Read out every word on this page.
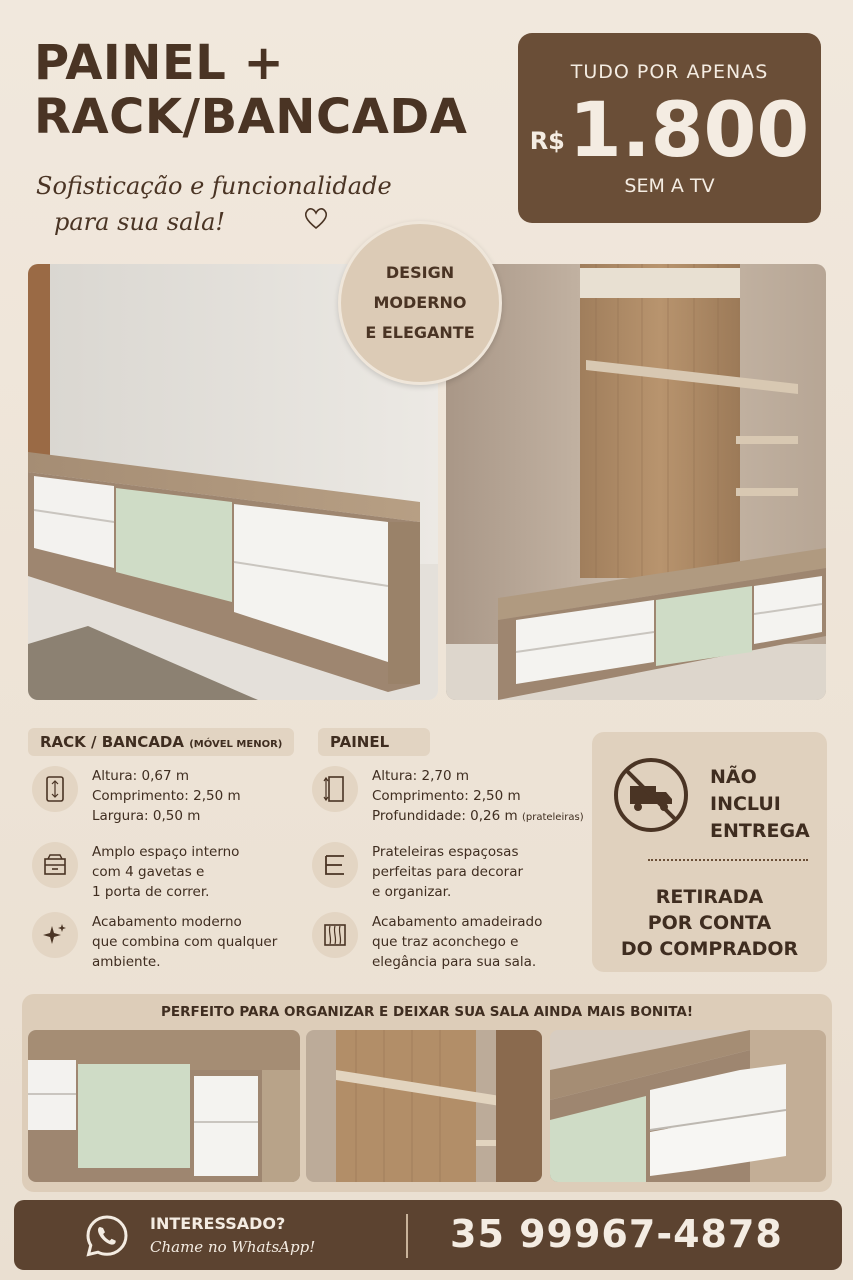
PAINEL +
RACK/BANCADA
Sofisticação e funcionalidade
para sua sala!
TUDO POR APENAS
R$ 1.800
SEM A TV
DESIGN
MODERNO
E ELEGANTE
RACK / BANCADA (MÓVEL MENOR)
Altura: 0,67 m
Comprimento: 2,50 m
Largura: 0,50 m
Amplo espaço interno
com 4 gavetas e
1 porta de correr.
Acabamento moderno
que combina com qualquer
ambiente.
PAINEL
Altura: 2,70 m
Comprimento: 2,50 m
Profundidade: 0,26 m (prateleiras)
Prateleiras espaçosas
perfeitas para decorar
e organizar.
Acabamento amadeirado
que traz aconchego e
elegância para sua sala.
NÃO
INCLUI
ENTREGA
RETIRADA
POR CONTA
DO COMPRADOR
PERFEITO PARA ORGANIZAR E DEIXAR SUA SALA AINDA MAIS BONITA!
INTERESSADO?
Chame no WhatsApp!	35 99967-4878
